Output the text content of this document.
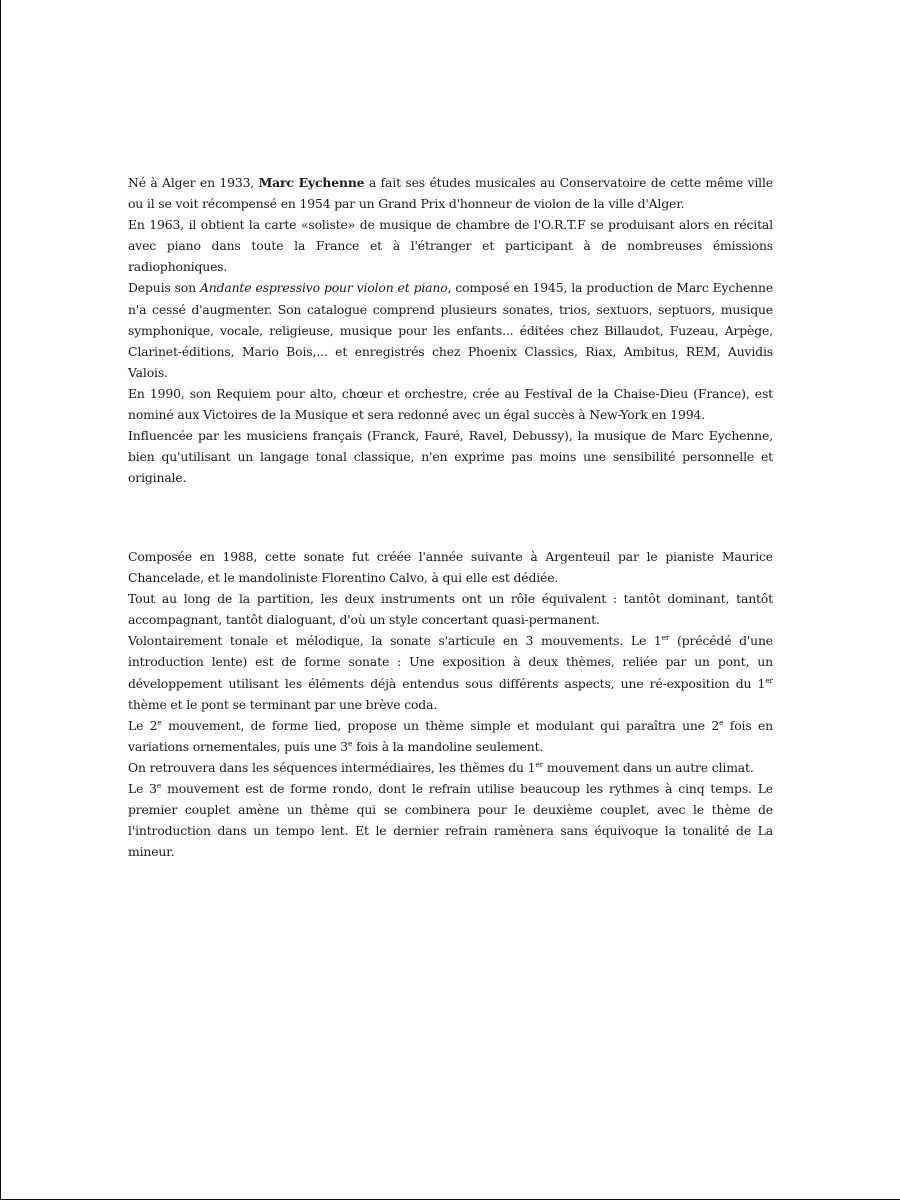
Né à Alger en 1933, Marc Eychenne a fait ses études musicales au Conservatoire de cette même ville ou il se voit récompensé en 1954 par un Grand Prix d'honneur de violon de la ville d'Alger.

En 1963, il obtient la carte «soliste» de musique de chambre de l'O.R.T.F se produisant alors en récital avec piano dans toute la France et à l'étranger et participant à de nombreuses émissions radiophoniques.

Depuis son Andante espressivo pour violon et piano, composé en 1945, la production de Marc Eychenne n'a cessé d'augmenter. Son catalogue comprend plusieurs sonates, trios, sextuors, septuors, musique symphonique, vocale, religieuse, musique pour les enfants... éditées chez Billaudot, Fuzeau, Arpège, Clarinet-éditions, Mario Bois,... et enregistrés chez Phoenix Classics, Riax, Ambitus, REM, Auvidis Valois.

En 1990, son Requiem pour alto, chœur et orchestre, crée au Festival de la Chaise-Dieu (France), est nominé aux Victoires de la Musique et sera redonné avec un égal succès à New-York en 1994.

Influencée par les musiciens français (Franck, Fauré, Ravel, Debussy), la musique de Marc Eychenne, bien qu'utilisant un langage tonal classique, n'en exprime pas moins une sensibilité personnelle et originale.

Composée en 1988, cette sonate fut créée l'année suivante à Argenteuil par le pianiste Maurice Chancelade, et le mandoliniste Florentino Calvo, à qui elle est dédiée.

Tout au long de la partition, les deux instruments ont un rôle équivalent : tantôt dominant, tantôt accompagnant, tantôt dialoguant, d'où un style concertant quasi-permanent.

Volontairement tonale et mélodique, la sonate s'articule en 3 mouvements. Le 1er (précédé d'une introduction lente) est de forme sonate : Une exposition à deux thèmes, reliée par un pont, un développement utilisant les éléments déjà entendus sous différents aspects, une ré-exposition du 1er thème et le pont se terminant par une brève coda.

Le 2e mouvement, de forme lied, propose un thème simple et modulant qui paraîtra une 2e fois en variations ornementales, puis une 3e fois à la mandoline seulement.

On retrouvera dans les séquences intermédiaires, les thèmes du 1er mouvement dans un autre climat.

Le 3e mouvement est de forme rondo, dont le refrain utilise beaucoup les rythmes à cinq temps. Le premier couplet amène un thème qui se combinera pour le deuxième couplet, avec le thème de l'introduction dans un tempo lent. Et le dernier refrain ramènera sans équivoque la tonalité de La mineur.
